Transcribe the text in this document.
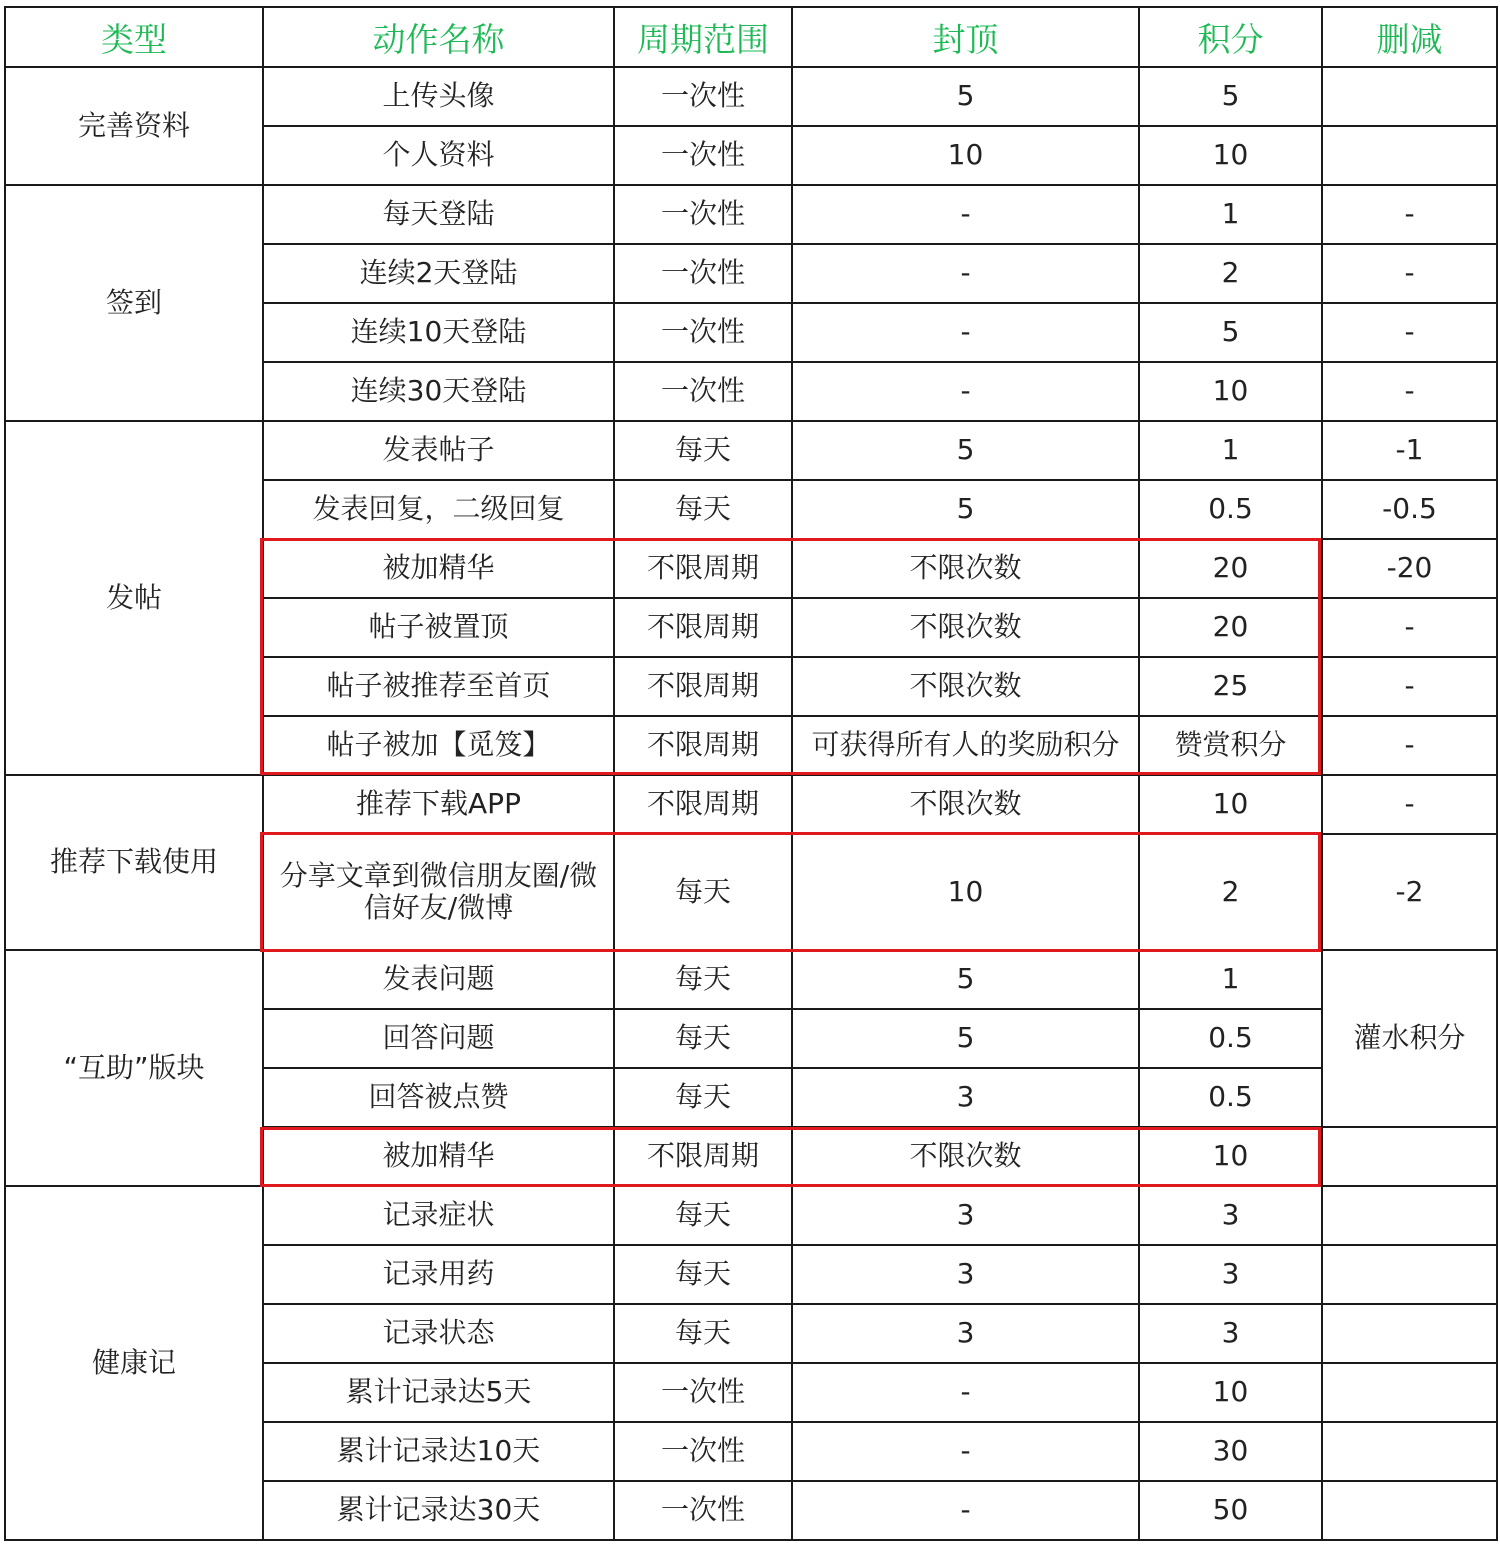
类型	动作名称	周期范围	封顶	积分	删减
完善资料	上传头像	一次性	5	5	
	个人资料	一次性	10	10	
签到	每天登陆	一次性	-	1	-
	连续2天登陆	一次性	-	2	-
	连续10天登陆	一次性	-	5	-
	连续30天登陆	一次性	-	10	-
发帖	发表帖子	每天	5	1	-1
	发表回复，二级回复	每天	5	0.5	-0.5
	被加精华	不限周期	不限次数	20	-20
	帖子被置顶	不限周期	不限次数	20	-
	帖子被推荐至首页	不限周期	不限次数	25	-
	帖子被加【觅笈】	不限周期	可获得所有人的奖励积分	赞赏积分	-
推荐下载使用	推荐下载APP	不限周期	不限次数	10	-
	分享文章到微信朋友圈/微信好友/微博	每天	10	2	-2
“互助”版块	发表问题	每天	5	1	灌水积分
	回答问题	每天	5	0.5	
	回答被点赞	每天	3	0.5	
	被加精华	不限周期	不限次数	10	
健康记	记录症状	每天	3	3	
	记录用药	每天	3	3	
	记录状态	每天	3	3	
	累计记录达5天	一次性	-	10	
	累计记录达10天	一次性	-	30	
	累计记录达30天	一次性	-	50	
